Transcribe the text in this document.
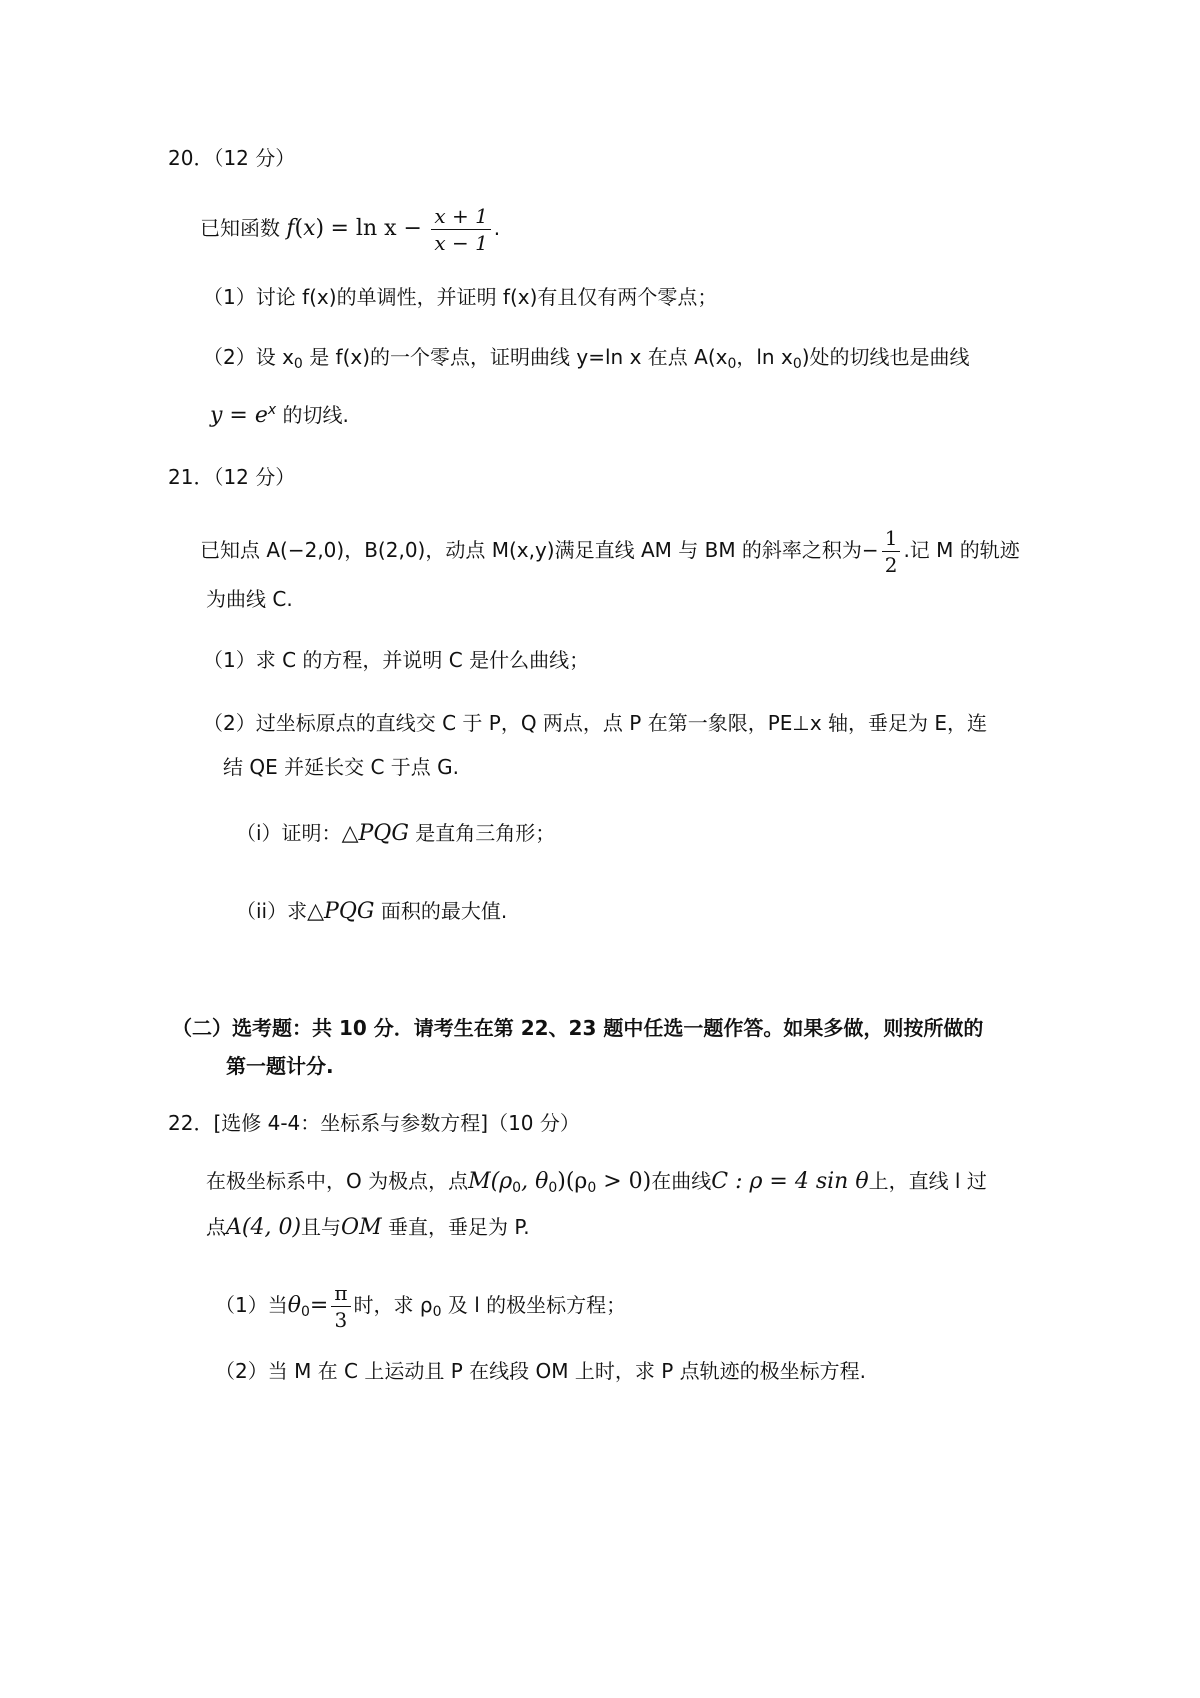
20．（12 分）
已知函数 $f(x) = \ln x - \frac{x + 1}{x - 1}$ .
（1）讨论 f(x)的单调性，并证明 f(x)有且仅有两个零点；
（2）设 $x_0$ 是 f(x)的一个零点，证明曲线 y=ln x 在点 $A(x_0$，$\ln x_0$)处的切线也是曲线
$y = e^x$ 的切线.
21．（12 分）
已知点 A(−2,0)，B(2,0)，动点 M(x,y)满足直线 AM 与 BM 的斜率之积为− $\frac{1}{2}$ .记 M 的轨迹
为曲线 C.
（1）求 C 的方程，并说明 C 是什么曲线；
（2）过坐标原点的直线交 C 于 P，Q 两点，点 P 在第一象限，PE⊥x 轴，垂足为 E，连
结 QE 并延长交 C 于点 G.
（i）证明：△PQG 是直角三角形；
（ii）求△PQG 面积的最大值.
（二）选考题：共 10 分．请考生在第 22、23 题中任选一题作答。如果多做，则按所做的
第一题计分.
22．[选修 4-4：坐标系与参数方程]（10 分）
在极坐标系中，O 为极点，点$M(\rho_0$, $\theta_0)(\rho_0 > 0)$在曲线C : ρ = 4 sin θ上，直线 l 过
点A(4, 0)且与OM 垂直，垂足为 P.
（1）当$\theta_0= \frac{\pi}{3}$ 时，求 $\rho_0$ 及 l 的极坐标方程；
（2）当 M 在 C 上运动且 P 在线段 OM 上时，求 P 点轨迹的极坐标方程.
